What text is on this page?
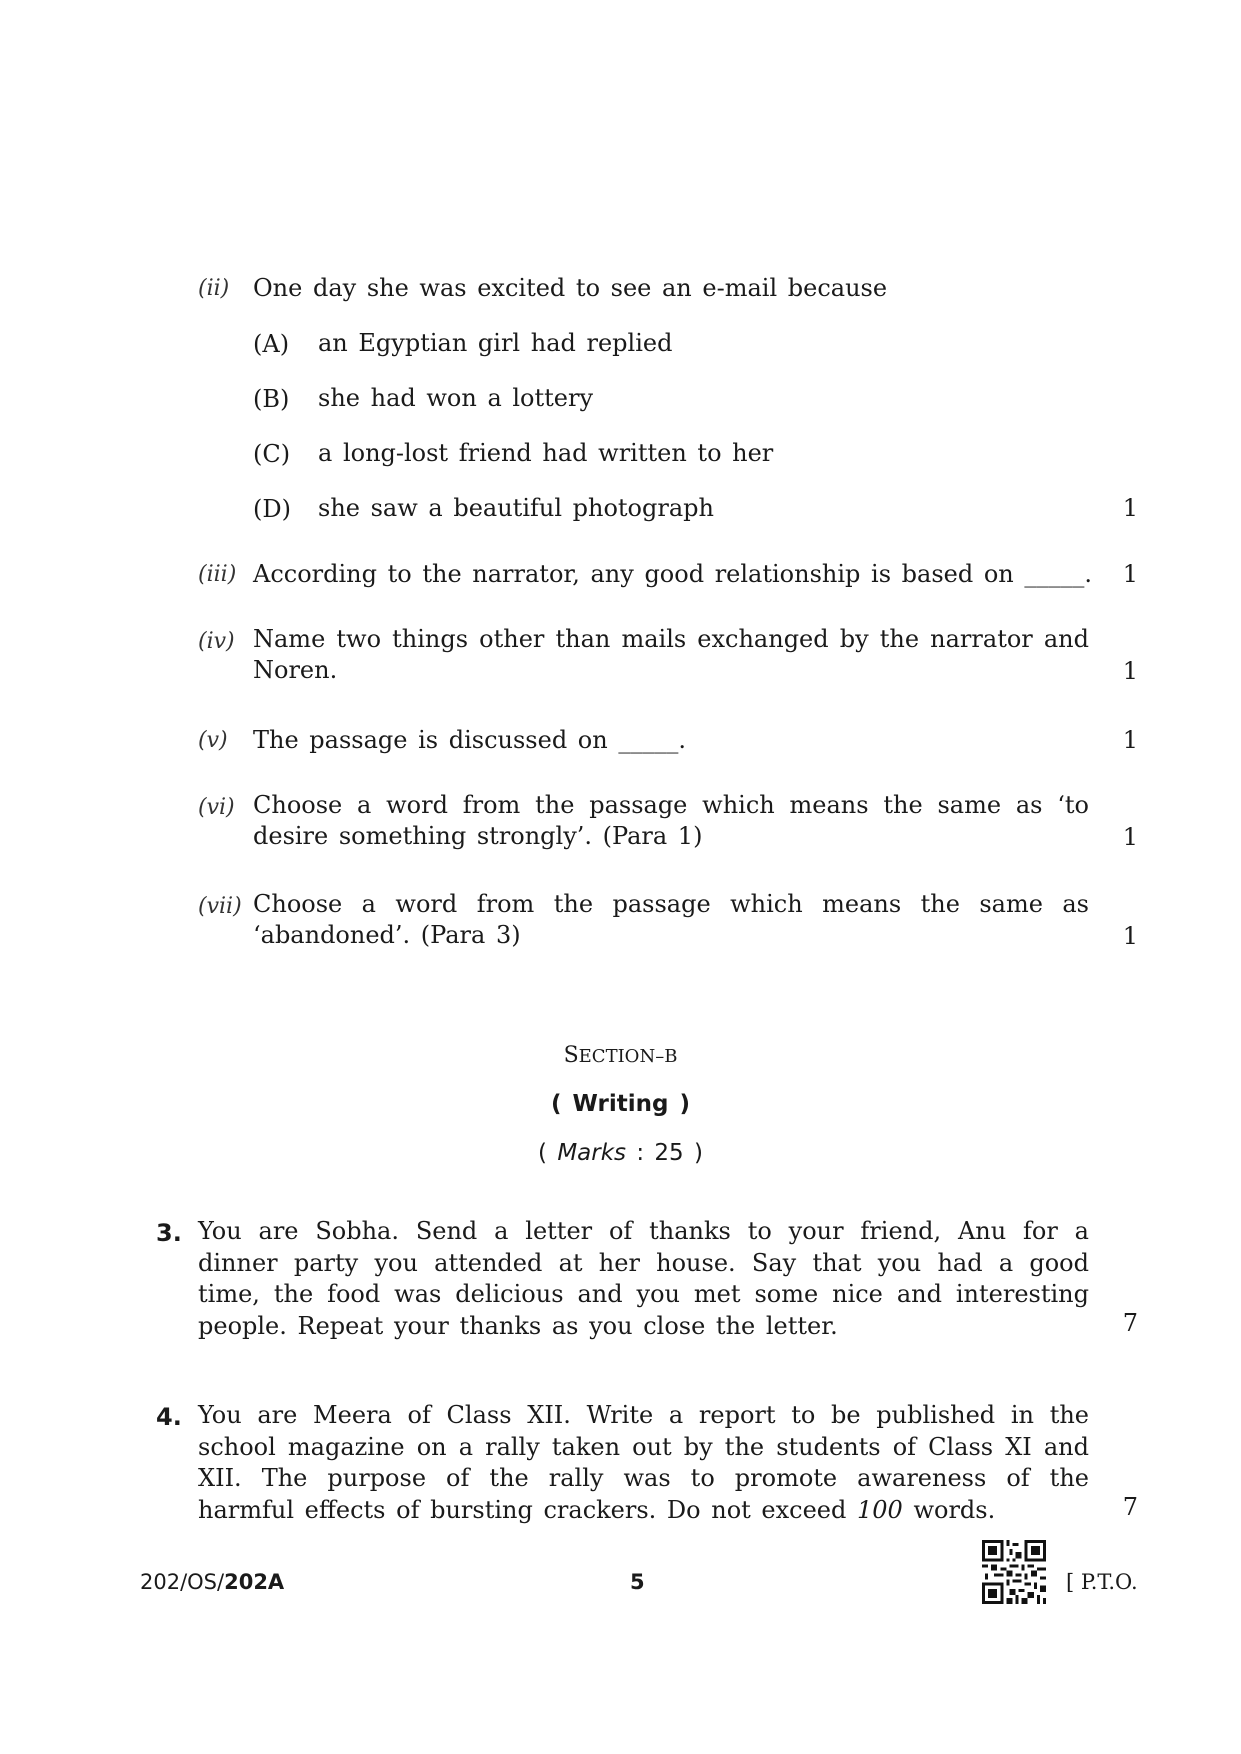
(ii) One day she was excited to see an e-mail because
(A) an Egyptian girl had replied
(B) she had won a lottery
(C) a long-lost friend had written to her
(D) she saw a beautiful photograph	1
(iii) According to the narrator, any good relationship is based on _____.	1
(iv) Name two things other than mails exchanged by the narrator and Noren.	1
(v) The passage is discussed on _____.	1
(vi) Choose a word from the passage which means the same as ‘to desire something strongly’. (Para 1)	1
(vii) Choose a word from the passage which means the same as ‘abandoned’. (Para 3)	1
SECTION–B
( Writing )
( Marks : 25 )
3. You are Sobha. Send a letter of thanks to your friend, Anu for a dinner party you attended at her house. Say that you had a good time, the food was delicious and you met some nice and interesting people. Repeat your thanks as you close the letter.	7
4. You are Meera of Class XII. Write a report to be published in the school magazine on a rally taken out by the students of Class XI and XII. The purpose of the rally was to promote awareness of the harmful effects of bursting crackers. Do not exceed 100 words.	7
202/OS/202A	5	[ P.T.O.
